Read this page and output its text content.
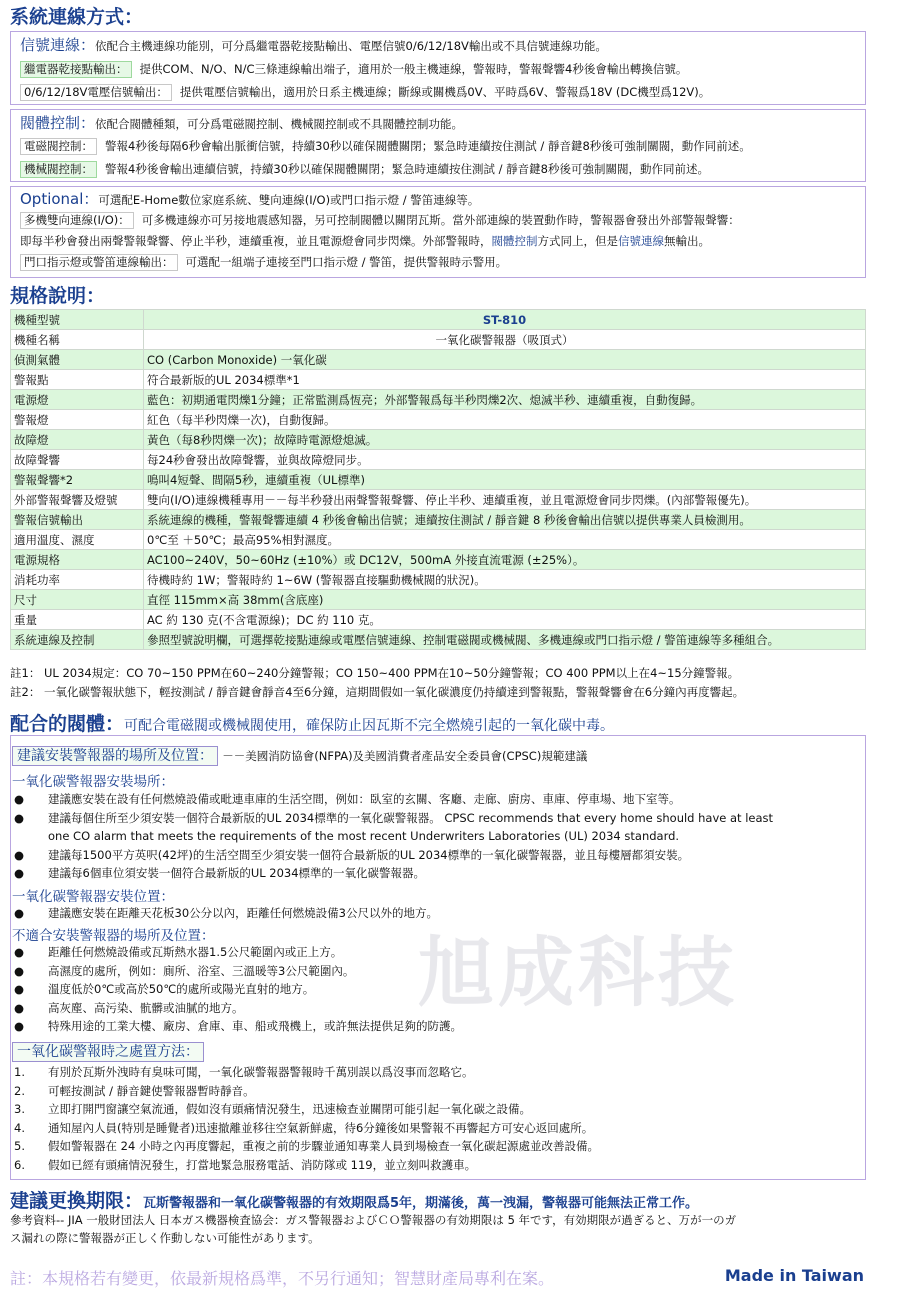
系統連線方式：
信號連線：依配合主機連線功能別，可分爲繼電器乾接點輸出、電壓信號0/6/12/18V輸出或不具信號連線功能。
繼電器乾接點輸出： 提供COM、N/O、N/C三條連線輸出端子，適用於一般主機連線，警報時，警報聲響4秒後會輸出轉換信號。
0/6/12/18V電壓信號輸出： 提供電壓信號輸出，適用於日系主機連線；斷線或關機爲0V、平時爲6V、警報爲18V (DC機型爲12V)。
閥體控制：依配合閥體種類，可分爲電磁閥控制、機械閥控制或不具閥體控制功能。
電磁閥控制： 警報4秒後每隔6秒會輸出脈衝信號，持續30秒以確保閥體關閉；緊急時連續按住測試 / 靜音鍵8秒後可強制關閥，動作同前述。
機械閥控制： 警報4秒後會輸出連續信號，持續30秒以確保閥體關閉；緊急時連續按住測試 / 靜音鍵8秒後可強制關閥，動作同前述。
Optional：可選配E-Home數位家庭系統、雙向連線(I/O)或門口指示燈 / 警笛連線等。
多機雙向連線(I/O)： 可多機連線亦可另接地震感知器，另可控制閥體以關閉瓦斯。當外部連線的裝置動作時，警報器會發出外部警報聲響：
即每半秒會發出兩聲警報聲響、停止半秒，連續重複，並且電源燈會同步閃爍。外部警報時，閥體控制方式同上，但是信號連線無輸出。
門口指示燈或警笛連線輸出： 可選配一組端子連接至門口指示燈 / 警笛，提供警報時示警用。
規格說明：
機種型號	ST-810
機種名稱	一氧化碳警報器（吸頂式）
偵測氣體	CO (Carbon Monoxide) 一氧化碳
警報點	符合最新版的UL 2034標準*1
電源燈	藍色：初期通電閃爍1分鐘；正常監測爲恆亮；外部警報爲每半秒閃爍2次、熄滅半秒、連續重複，自動復歸。
警報燈	紅色（每半秒閃爍一次)，自動復歸。
故障燈	黃色（每8秒閃爍一次)；故障時電源燈熄滅。
故障聲響	每24秒會發出故障聲響，並與故障燈同步。
警報聲響*2	鳴叫4短聲、間隔5秒，連續重複（UL標準)
外部警報聲響及燈號	雙向(I/O)連線機種專用－－每半秒發出兩聲警報聲響、停止半秒、連續重複，並且電源燈會同步閃爍。(內部警報優先)。
警報信號輸出	系統連線的機種，警報聲響連續 4 秒後會輸出信號；連續按住測試 / 靜音鍵 8 秒後會輸出信號以提供專業人員檢測用。
適用溫度、濕度	0℃至 ＋50℃；最高95%相對濕度。
電源規格	AC100~240V，50~60Hz (±10%）或 DC12V，500mA 外接直流電源 (±25%）。
消耗功率	待機時約 1W；警報時約 1~6W (警報器直接驅動機械閥的狀況)。
尺寸	直徑 115mm×高 38mm(含底座)
重量	AC 約 130 克(不含電源線)；DC 約 110 克。
系統連線及控制	參照型號說明欄，可選擇乾接點連線或電壓信號連線、控制電磁閥或機械閥、多機連線或門口指示燈 / 警笛連線等多種組合。
註1： UL 2034規定：CO 70~150 PPM在60~240分鐘警報；CO 150~400 PPM在10~50分鐘警報；CO 400 PPM以上在4~15分鐘警報。
註2： 一氧化碳警報狀態下，輕按測試 / 靜音鍵會靜音4至6分鐘，這期間假如一氧化碳濃度仍持續達到警報點，警報聲響會在6分鐘內再度響起。
配合的閥體：可配合電磁閥或機械閥使用，確保防止因瓦斯不完全燃燒引起的一氧化碳中毒。
旭成科技
建議安裝警報器的場所及位置： －－美國消防協會(NFPA)及美國消費者產品安全委員會(CPSC)規範建議
一氧化碳警報器安裝場所：
● 建議應安裝在設有任何燃燒設備或毗連車庫的生活空間，例如：臥室的玄關、客廳、走廊、廚房、車庫、停車場、地下室等。
● 建議每個住所至少須安裝一個符合最新版的UL 2034標準的一氧化碳警報器。 CPSC recommends that every home should have at least
one CO alarm that meets the requirements of the most recent Underwriters Laboratories (UL) 2034 standard.
● 建議每1500平方英呎(42坪)的生活空間至少須安裝一個符合最新版的UL 2034標準的一氧化碳警報器，並且每樓層都須安裝。
● 建議每6個車位須安裝一個符合最新版的UL 2034標準的一氧化碳警報器。
一氧化碳警報器安裝位置：
● 建議應安裝在距離天花板30公分以內，距離任何燃燒設備3公尺以外的地方。
不適合安裝警報器的場所及位置：
● 距離任何燃燒設備或瓦斯熱水器1.5公尺範圍內或正上方。
● 高濕度的處所，例如：廁所、浴室、三溫暖等3公尺範圍內。
● 溫度低於0℃或高於50℃的處所或陽光直射的地方。
● 高灰塵、高污染、骯髒或油膩的地方。
● 特殊用途的工業大樓、廠房、倉庫、車、船或飛機上，或許無法提供足夠的防護。
一氧化碳警報時之處置方法：
1. 有別於瓦斯外洩時有臭味可聞，一氧化碳警報器警報時千萬別誤以爲沒事而忽略它。
2. 可輕按測試 / 靜音鍵使警報器暫時靜音。
3. 立即打開門窗讓空氣流通，假如沒有頭痛情況發生，迅速檢查並關閉可能引起一氧化碳之設備。
4. 通知屋內人員(特別是睡覺者)迅速撤離並移往空氣新鮮處，待6分鐘後如果警報不再響起方可安心返回處所。
5. 假如警報器在 24 小時之內再度響起，重複之前的步驟並通知專業人員到場檢查一氧化碳起源處並改善設備。
6. 假如已經有頭痛情況發生，打當地緊急服務電話、消防隊或 119，並立刻叫救護車。
建議更換期限：瓦斯警報器和一氧化碳警報器的有效期限爲5年，期滿後，萬一洩漏，警報器可能無法正常工作。
參考資料-- JIA 一般財団法人 日本ガス機器検査協会：ガス警報器およびＣＯ警報器の有効期限は 5 年です，有効期限が過ぎると、万が一のガ
ス漏れの際に警報器が正しく作動しない可能性があります。
註：本規格若有變更，依最新規格爲準，不另行通知；智慧財產局專利在案。	Made in Taiwan
